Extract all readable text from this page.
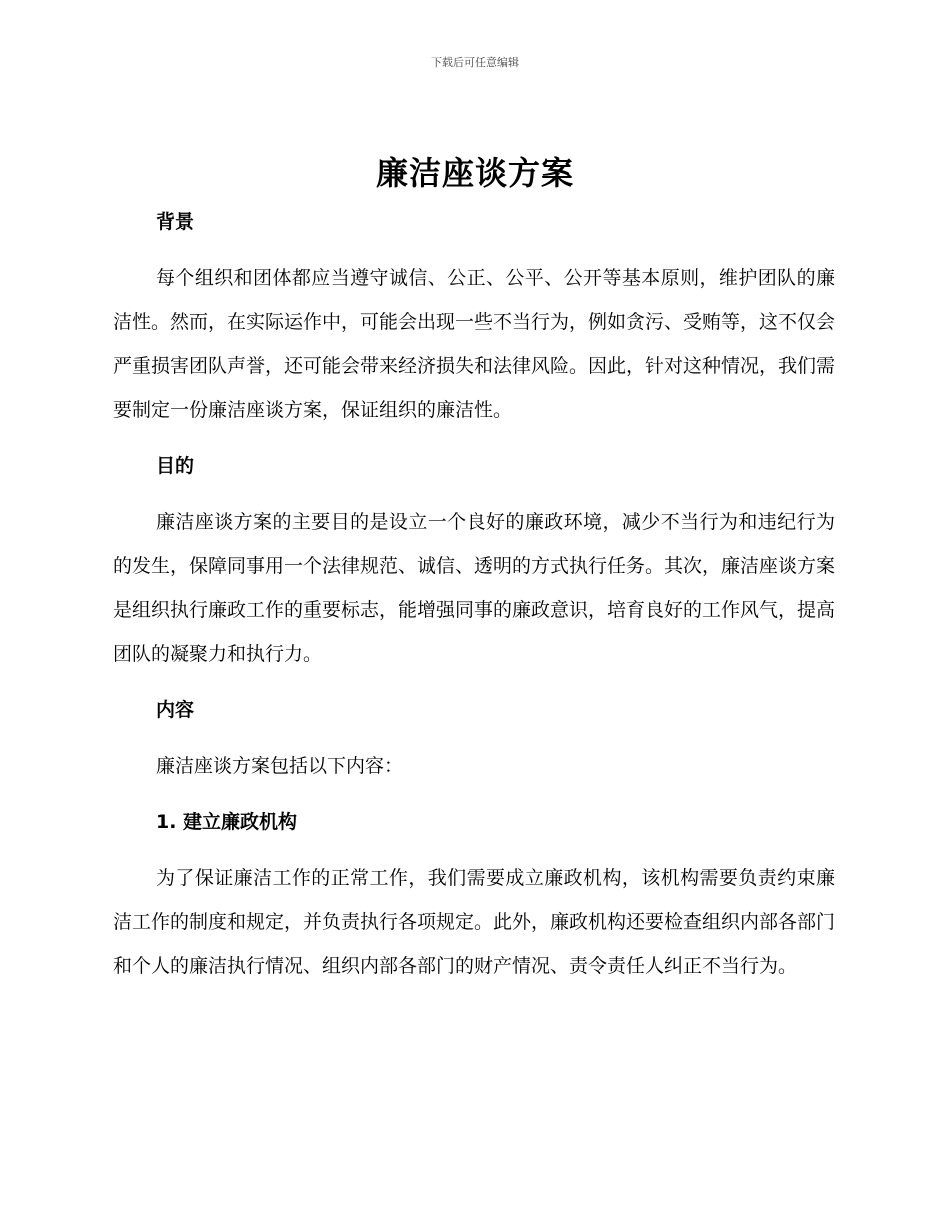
下载后可任意编辑
廉洁座谈方案
背景

每个组织和团体都应当遵守诚信、公正、公平、公开等基本原则，维护团队的廉洁性。然而，在实际运作中，可能会出现一些不当行为，例如贪污、受贿等，这不仅会严重损害团队声誉，还可能会带来经济损失和法律风险。因此，针对这种情况，我们需要制定一份廉洁座谈方案，保证组织的廉洁性。

目的

廉洁座谈方案的主要目的是设立一个良好的廉政环境，减少不当行为和违纪行为的发生，保障同事用一个法律规范、诚信、透明的方式执行任务。其次，廉洁座谈方案是组织执行廉政工作的重要标志，能增强同事的廉政意识，培育良好的工作风气，提高团队的凝聚力和执行力。

内容

廉洁座谈方案包括以下内容：

1. 建立廉政机构

为了保证廉洁工作的正常工作，我们需要成立廉政机构，该机构需要负责约束廉洁工作的制度和规定，并负责执行各项规定。此外，廉政机构还要检查组织内部各部门和个人的廉洁执行情况、组织内部各部门的财产情况、责令责任人纠正不当行为。
